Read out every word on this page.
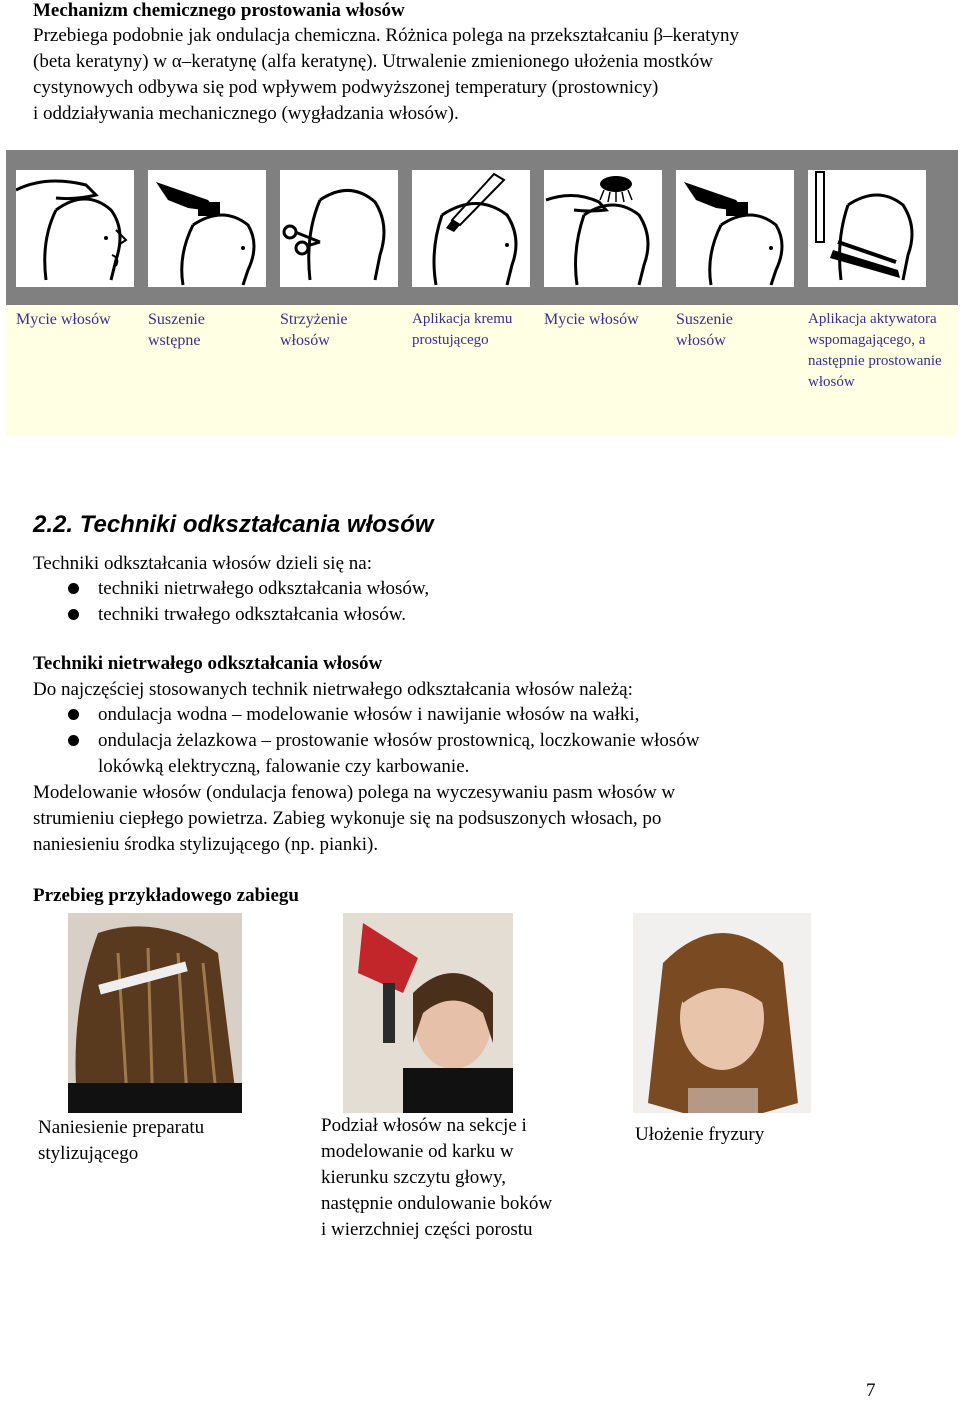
Mechanizm chemicznego prostowania włosów

Przebiega podobnie jak ondulacja chemiczna. Różnica polega na przekształcaniu β–keratyny

(beta keratyny) w α–keratynę (alfa keratynę). Utrwalenie zmienionego ułożenia mostków

cystynowych odbywa się pod wpływem podwyższonej temperatury (prostownicy)

i oddziaływania mechanicznego (wygładzania włosów).

Mycie włosów	Suszenie wstępne
Strzyżenie włosów
Aplikacja kremu prostującego
Mycie włosów	Suszenie włosów
Aplikacja aktywatora wspomagającego, a następnie prostowanie włosów
2.2. Techniki odkształcania włosów

Techniki odkształcania włosów dzieli się na:

techniki nietrwałego odkształcania włosów,

techniki trwałego odkształcania włosów.

Techniki nietrwałego odkształcania włosów

Do najczęściej stosowanych technik nietrwałego odkształcania włosów należą:

ondulacja wodna – modelowanie włosów i nawijanie włosów na wałki,

ondulacja żelazkowa – prostowanie włosów prostownicą, loczkowanie włosów

lokówką elektryczną, falowanie czy karbowanie.

Modelowanie włosów (ondulacja fenowa) polega na wyczesywaniu pasm włosów w

strumieniu ciepłego powietrza. Zabieg wykonuje się na podsuszonych włosach, po

naniesieniu środka stylizującego (np. pianki).

Przebieg przykładowego zabiegu

Naniesienie preparatu
stylizującego
Podział włosów na sekcje i
modelowanie od karku w
kierunku szczytu głowy,
następnie ondulowanie boków
i wierzchniej części porostu
Ułożenie fryzury
7
